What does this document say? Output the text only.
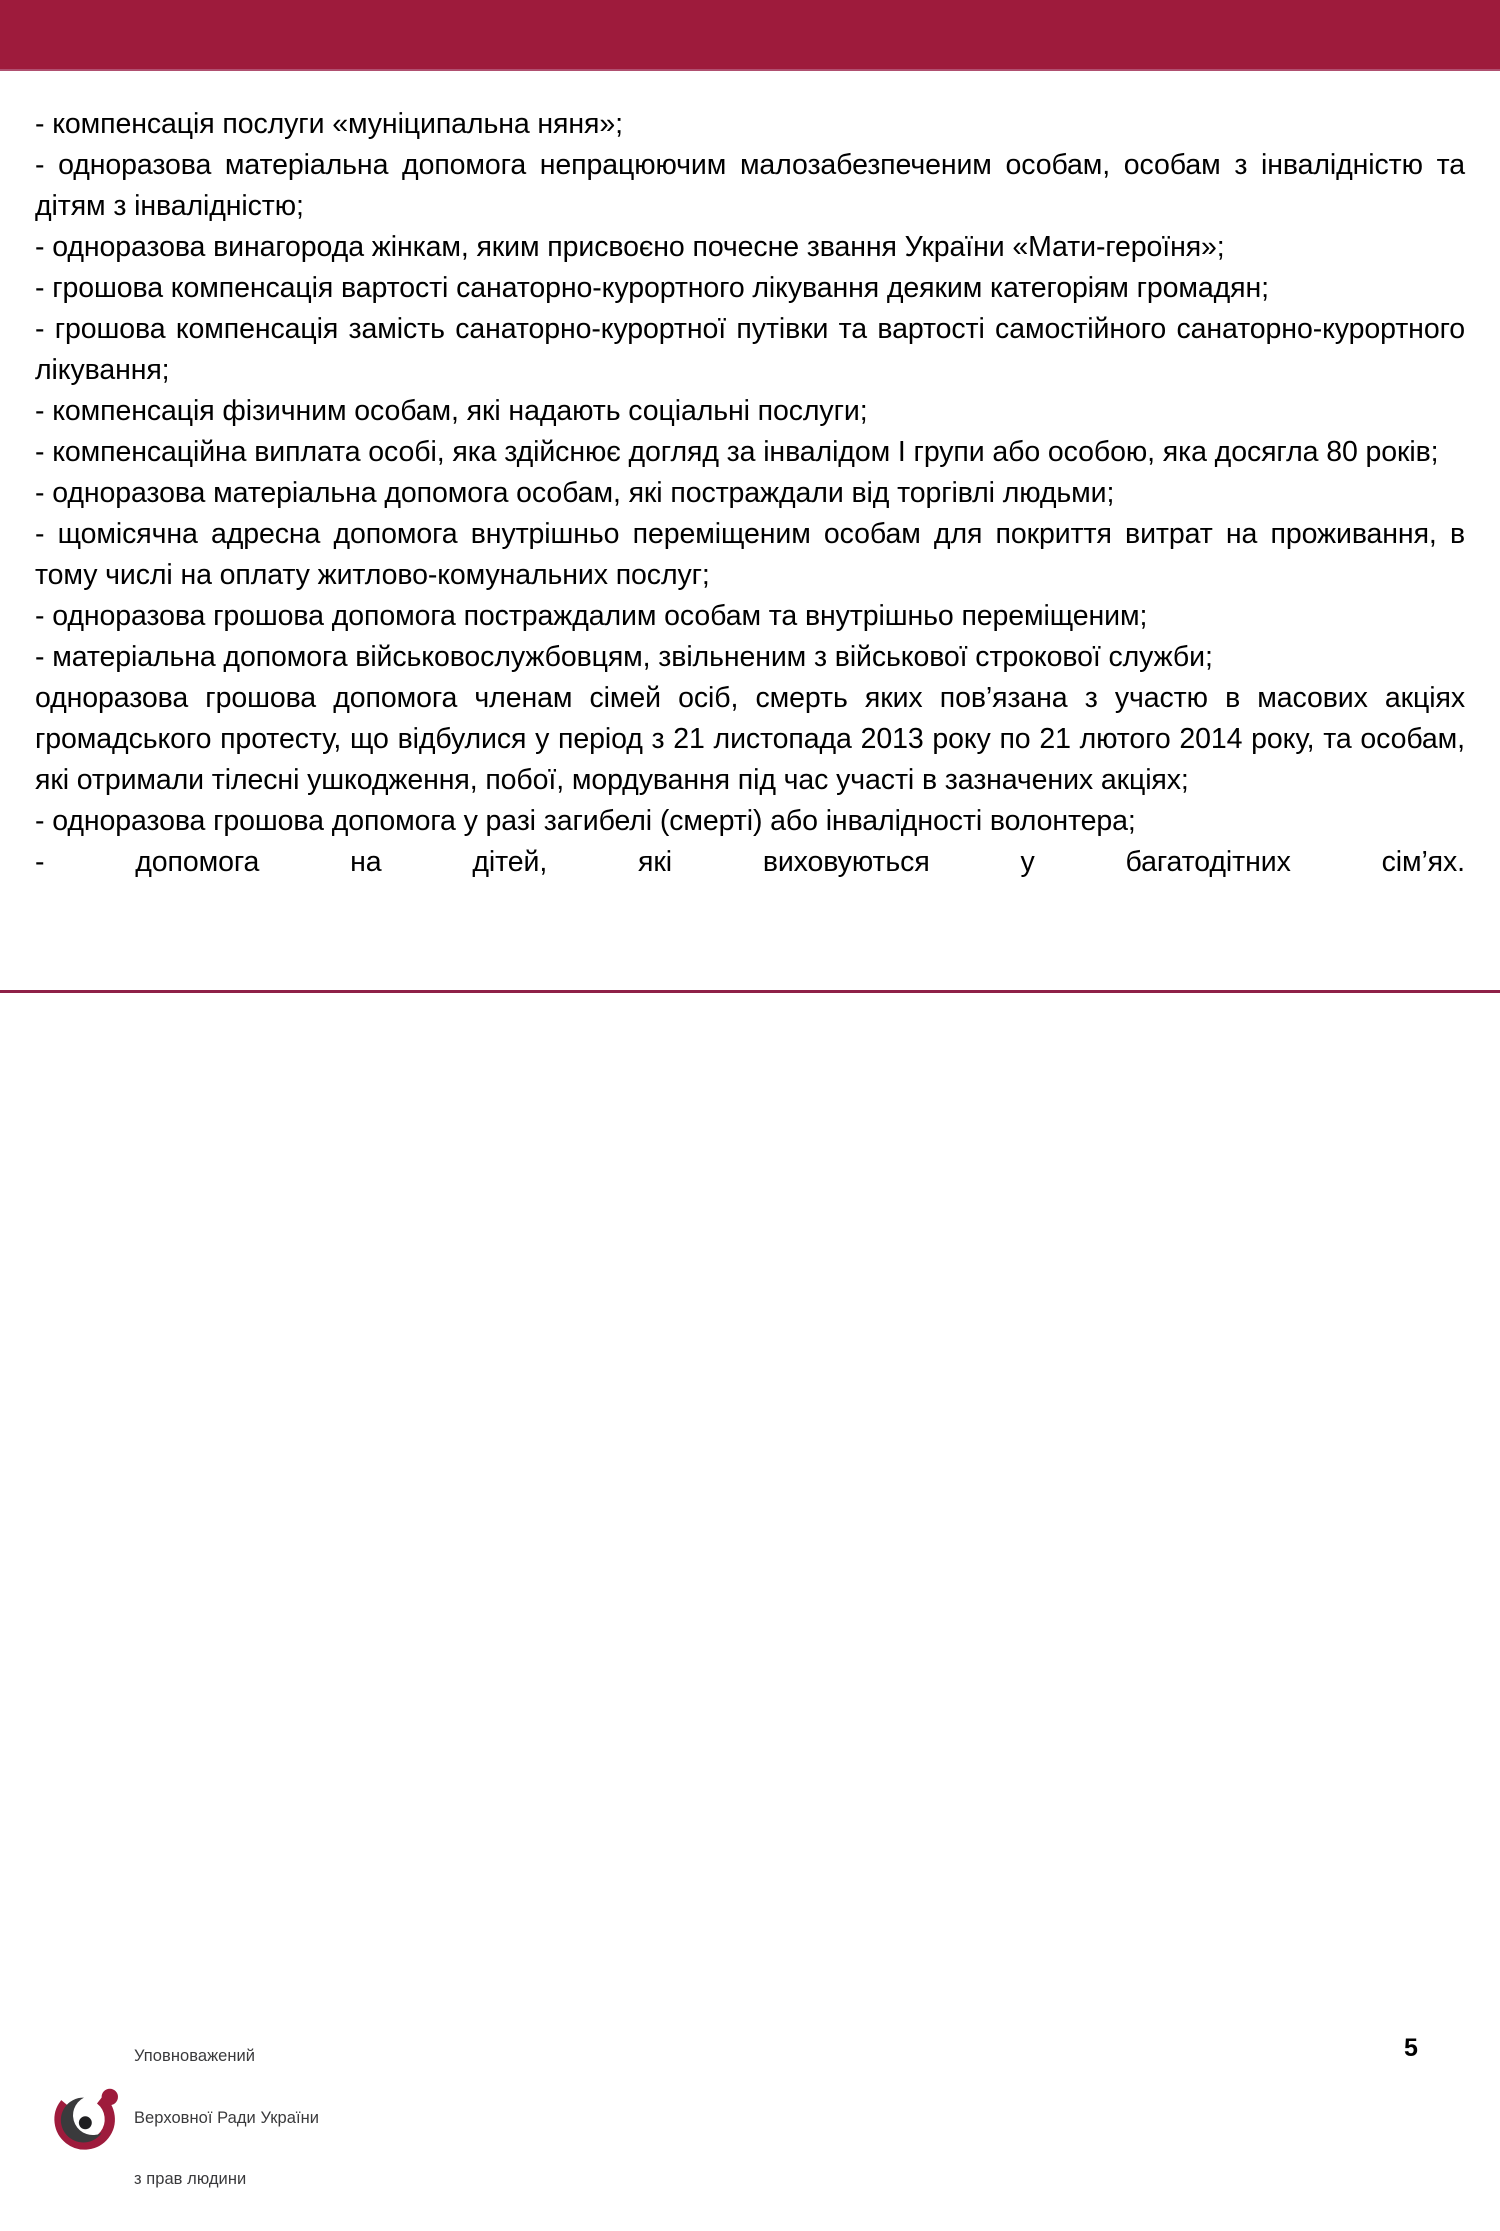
- компенсація послуги «муніципальна няня»;

- одноразова матеріальна допомога непрацюючим малозабезпеченим особам, особам з інвалідністю та дітям з інвалідністю;

- одноразова винагорода жінкам, яким присвоєно почесне звання України «Мати-героїня»;

- грошова компенсація вартості санаторно-курортного лікування деяким категоріям громадян;

- грошова компенсація замість санаторно-курортної путівки та вартості самостійного санаторно-курортного лікування;

- компенсація фізичним особам, які надають соціальні послуги;

- компенсаційна виплата особі, яка здійснює догляд за інвалідом І групи або особою, яка досягла 80 років;

- одноразова матеріальна допомога особам, які постраждали від торгівлі людьми;

- щомісячна адресна допомога внутрішньо переміщеним особам для покриття витрат на проживання, в тому числі на оплату житлово-комунальних послуг;

- одноразова грошова допомога постраждалим особам та внутрішньо переміщеним;

- матеріальна допомога військовослужбовцям, звільненим з військової строкової служби;

одноразова грошова допомога членам сімей осіб, смерть яких пов’язана з участю в масових акціях громадського протесту, що відбулися у період з 21 листопада 2013 року по 21 лютого 2014 року, та особам, які отримали тілесні ушкодження, побої, мордування під час участі в зазначених акціях;

- одноразова грошова допомога у разі загибелі (смерті) або інвалідності волонтера;

- допомога на дітей, які виховуються у багатодітних сім’ях.

Уповноважений

Верховної Ради України

з прав людини

5
